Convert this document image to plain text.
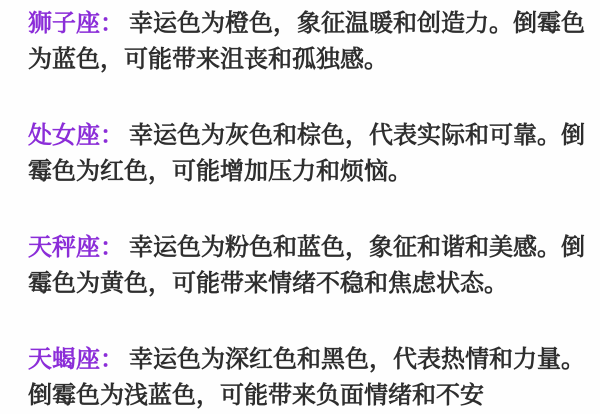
狮子座： 幸运色为橙色，象征温暖和创造力。倒霉色
为蓝色，可能带来沮丧和孤独感。
处女座： 幸运色为灰色和棕色，代表实际和可靠。倒
霉色为红色，可能增加压力和烦恼。
天秤座： 幸运色为粉色和蓝色，象征和谐和美感。倒
霉色为黄色，可能带来情绪不稳和焦虑状态。
天蝎座： 幸运色为深红色和黑色，代表热情和力量。
倒霉色为浅蓝色，可能带来负面情绪和不安
